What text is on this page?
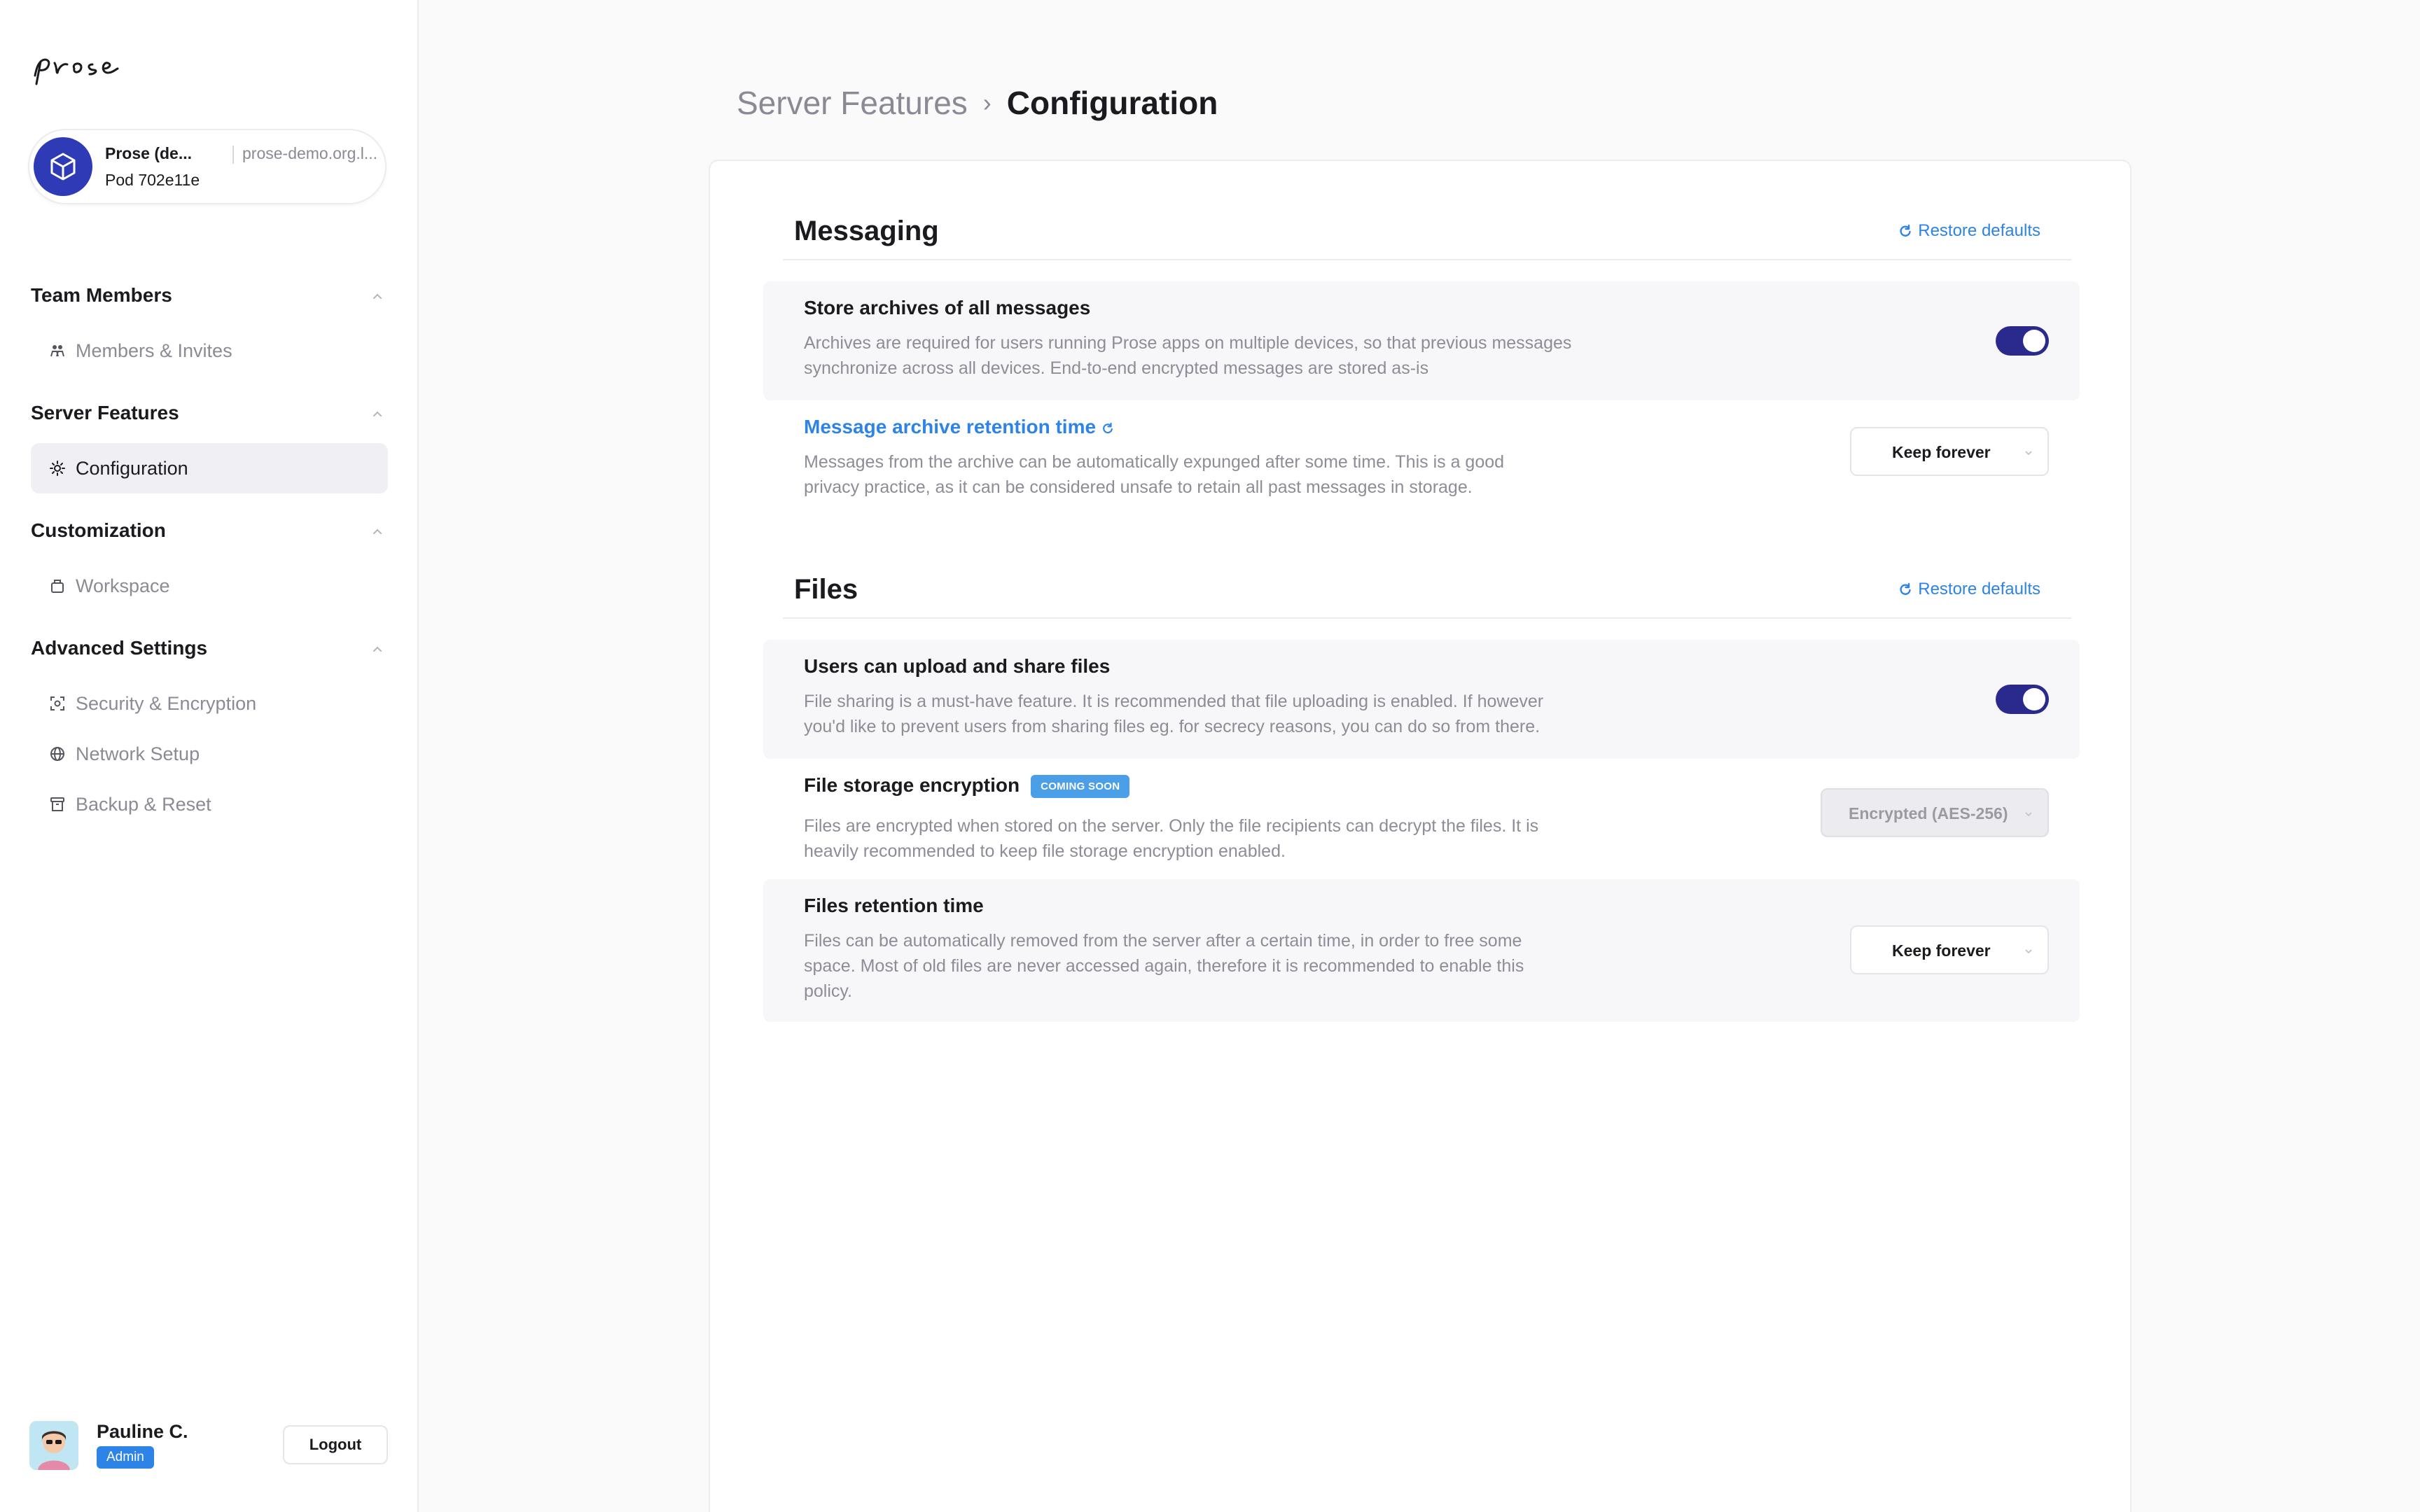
Prose (de...	prose-demo.org.l...
Pod 702e11e
Team Members
Members & Invites
Server Features
Configuration
Customization
Workspace
Advanced Settings
Security & Encryption
Network Setup
Backup & Reset
Pauline C.
Admin
Logout
Server Features › Configuration
Messaging	Restore defaults
Store archives of all messages
Archives are required for users running Prose apps on multiple devices, so that previous messages
synchronize across all devices. End-to-end encrypted messages are stored as-is
Message archive retention time
Messages from the archive can be automatically expunged after some time. This is a good
privacy practice, as it can be considered unsafe to retain all past messages in storage.
Keep forever
Files	Restore defaults
Users can upload and share files
File sharing is a must-have feature. It is recommended that file uploading is enabled. If however
you'd like to prevent users from sharing files eg. for secrecy reasons, you can do so from there.
File storage encryption COMING SOON
Files are encrypted when stored on the server. Only the file recipients can decrypt the files. It is
heavily recommended to keep file storage encryption enabled.
Encrypted (AES-256)
Files retention time
Files can be automatically removed from the server after a certain time, in order to free some
space. Most of old files are never accessed again, therefore it is recommended to enable this
policy.
Keep forever
